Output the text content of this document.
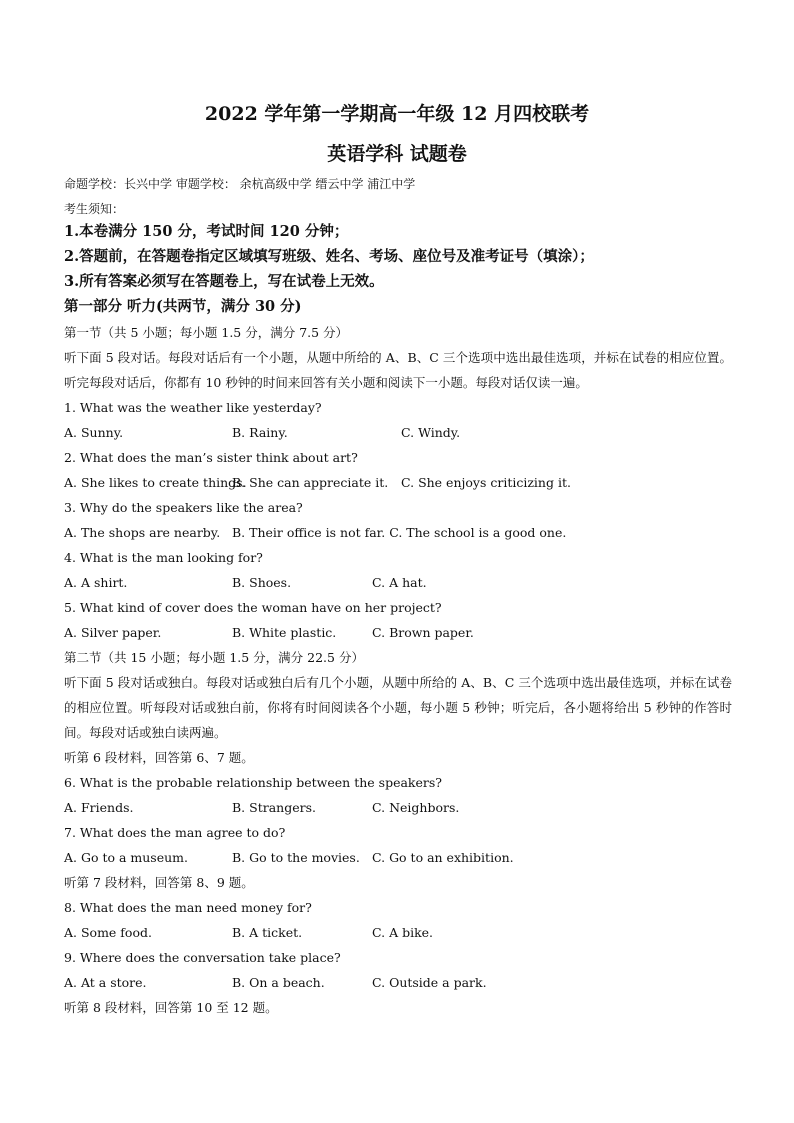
2022 学年第一学期高一年级 12 月四校联考
英语学科 试题卷
命题学校：长兴中学 审题学校： 余杭高级中学 缙云中学 浦江中学
考生须知：
1.本卷满分 150 分，考试时间 120 分钟；
2.答题前，在答题卷指定区域填写班级、姓名、考场、座位号及准考证号（填涂）；
3.所有答案必须写在答题卷上，写在试卷上无效。
第一部分 听力(共两节，满分 30 分)
第一节（共 5 小题；每小题 1.5 分，满分 7.5 分）
听下面 5 段对话。每段对话后有一个小题，从题中所给的 A、B、C 三个选项中选出最佳选项，并标在试卷的相应位置。听完每段对话后，你都有 10 秒钟的时间来回答有关小题和阅读下一小题。每段对话仅读一遍。
1. What was the weather like yesterday?
A. Sunny.	B. Rainy.	C. Windy.
2. What does the man’s sister think about art?
A. She likes to create things.
B. She can appreciate it. C. She enjoys criticizing it.
3. Why do the speakers like the area?
A. The shops are nearby. B. Their office is not far. C. The school is a good one.
4. What is the man looking for?
A. A shirt.	B. Shoes.	C. A hat.
5. What kind of cover does the woman have on her project?
A. Silver paper.	B. White plastic.	C. Brown paper.
第二节（共 15 小题；每小题 1.5 分，满分 22.5 分）
听下面 5 段对话或独白。每段对话或独白后有几个小题，从题中所给的 A、B、C 三个选项中选出最佳选项，并标在试卷的相应位置。听每段对话或独白前，你将有时间阅读各个小题，每小题 5 秒钟；听完后，各小题将给出 5 秒钟的作答时间。每段对话或独白读两遍。
听第 6 段材料，回答第 6、7 题。
6. What is the probable relationship between the speakers?
A. Friends.	B. Strangers.	C. Neighbors.
7. What does the man agree to do?
A. Go to a museum.	B. Go to the movies. C. Go to an exhibition.
听第 7 段材料，回答第 8、9 题。
8. What does the man need money for?
A. Some food.	B. A ticket.	C. A bike.
9. Where does the conversation take place?
A. At a store.	B. On a beach.	C. Outside a park.
听第 8 段材料，回答第 10 至 12 题。
